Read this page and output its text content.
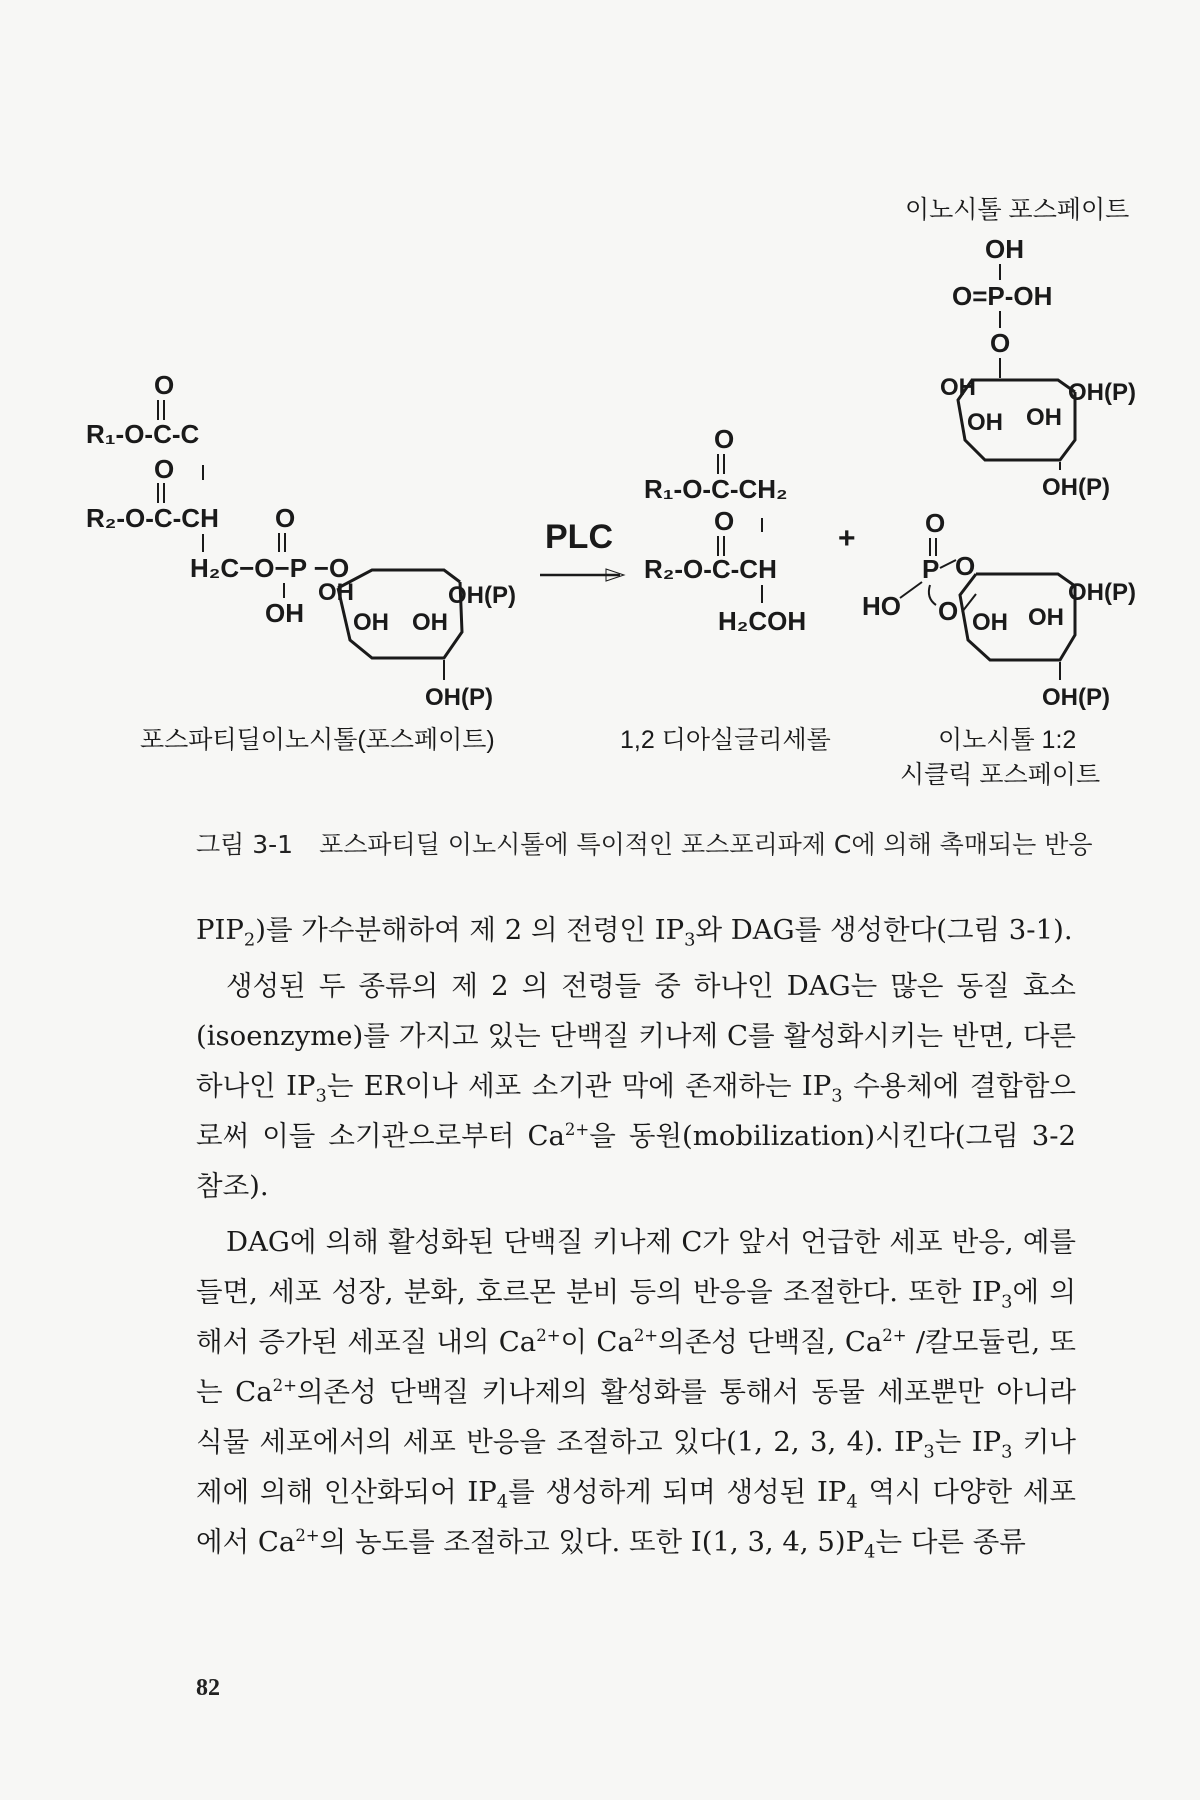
O
R₁-O-C-C
O
R₂-O-C-CH O
H₂C−O−P −O
OH
OH
OH OH
OH(P)
OH(P)
포스파티딜이노시톨(포스페이트)
PLC
O
R₁-O-C-CH₂
O
R₂-O-C-CH
H₂COH
1,2 디아실글리세롤
+
이노시톨 포스페이트
OH
O=P-OH
O
OH
OH OH
OH(P)
OH(P)
O
P O
O
HO
OH OH
OH(P)
OH(P)
이노시톨 1:2
시클릭 포스페이트
그림 3-1 포스파티딜 이노시톨에 특이적인 포스포리파제 C에 의해 촉매되는 반응

$PIP_2$)를 가수분해하여 제 2 의 전령인 $IP_3$와 DAG를 생성한다(그림 3-1).

생성된 두 종류의 제 2 의 전령들 중 하나인 DAG는 많은 동질 효소(isoenzyme)를 가지고 있는 단백질 키나제 C를 활성화시키는 반면, 다른 하나인 $IP_3$는 ER이나 세포 소기관 막에 존재하는 $IP_3$ 수용체에 결합함으로써 이들 소기관으로부터 $Ca^{2+}$을 동원(mobilization)시킨다(그림 3-2 참조).

DAG에 의해 활성화된 단백질 키나제 C가 앞서 언급한 세포 반응, 예를 들면, 세포 성장, 분화, 호르몬 분비 등의 반응을 조절한다. 또한 $IP_3$에 의해서 증가된 세포질 내의 $Ca^{2+}$이 $Ca^{2+}$의존성 단백질, $Ca^{2+}$ /칼모듈린, 또는 $Ca^{2+}$의존성 단백질 키나제의 활성화를 통해서 동물 세포뿐만 아니라 식물 세포에서의 세포 반응을 조절하고 있다(1, 2, 3, 4). $IP_3$는 $IP_3$ 키나제에 의해 인산화되어 $IP_4$를 생성하게 되며 생성된 $IP_4$ 역시 다양한 세포에서 $Ca^{2+}$의 농도를 조절하고 있다. 또한 I(1, 3, 4, $5)P_4$는 다른 종류

82
